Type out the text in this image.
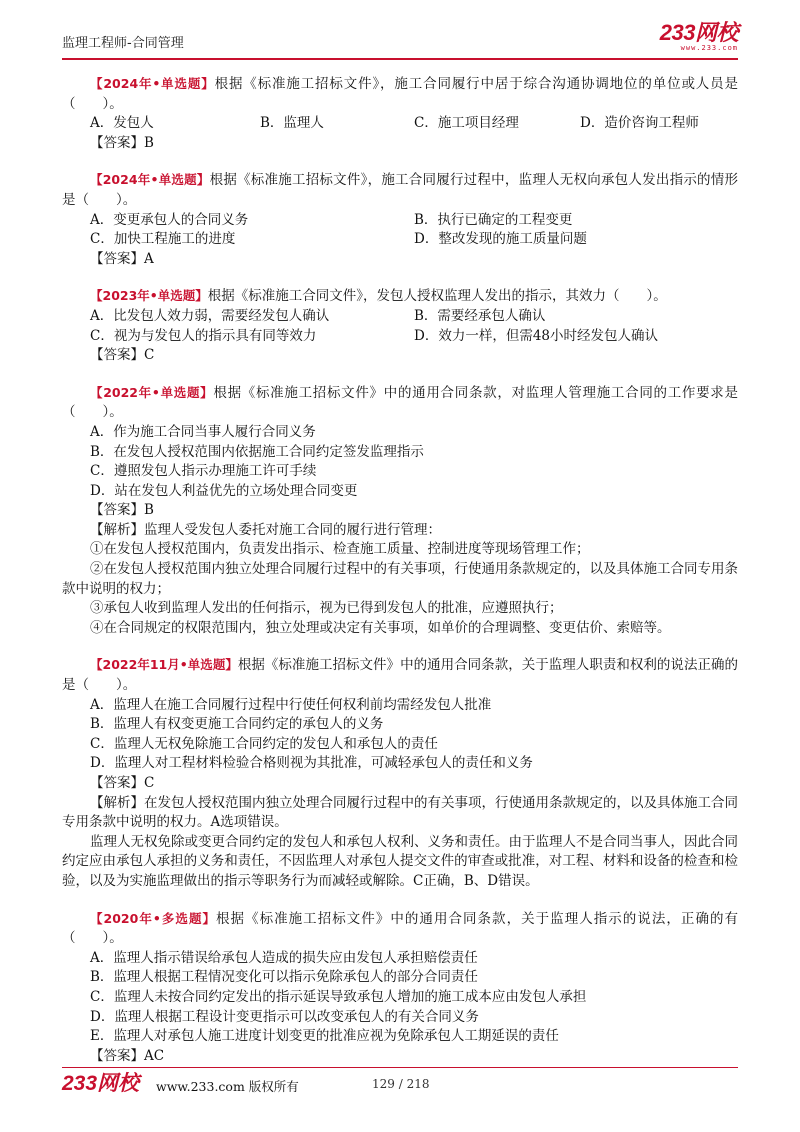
监理工程师-合同管理	233网校
www.233.com
【2024年•单选题】根据《标准施工招标文件》，施工合同履行中居于综合沟通协调地位的单位或人员是（　　）。
A．发包人	B．监理人	C．施工项目经理	D．造价咨询工程师
【答案】B
【2024年•单选题】根据《标准施工招标文件》，施工合同履行过程中，监理人无权向承包人发出指示的情形是（　　）。
A．变更承包人的合同义务	B．执行已确定的工程变更
C．加快工程施工的进度	D．整改发现的施工质量问题
【答案】A
【2023年•单选题】根据《标准施工合同文件》，发包人授权监理人发出的指示，其效力（　　）。
A．比发包人效力弱，需要经发包人确认	B．需要经承包人确认
C．视为与发包人的指示具有同等效力	D．效力一样，但需48小时经发包人确认
【答案】C
【2022年•单选题】根据《标准施工招标文件》中的通用合同条款，对监理人管理施工合同的工作要求是（　　）。
A．作为施工合同当事人履行合同义务
B．在发包人授权范围内依据施工合同约定签发监理指示
C．遵照发包人指示办理施工许可手续
D．站在发包人利益优先的立场处理合同变更
【答案】B
【解析】监理人受发包人委托对施工合同的履行进行管理：
①在发包人授权范围内，负责发出指示、检查施工质量、控制进度等现场管理工作；
②在发包人授权范围内独立处理合同履行过程中的有关事项，行使通用条款规定的，以及具体施工合同专用条款中说明的权力；
③承包人收到监理人发出的任何指示，视为已得到发包人的批准，应遵照执行；
④在合同规定的权限范围内，独立处理或决定有关事项，如单价的合理调整、变更估价、索赔等。
【2022年11月•单选题】根据《标准施工招标文件》中的通用合同条款，关于监理人职责和权利的说法正确的是（　　）。
A．监理人在施工合同履行过程中行使任何权利前均需经发包人批准
B．监理人有权变更施工合同约定的承包人的义务
C．监理人无权免除施工合同约定的发包人和承包人的责任
D．监理人对工程材料检验合格则视为其批准，可减轻承包人的责任和义务
【答案】C
【解析】在发包人授权范围内独立处理合同履行过程中的有关事项，行使通用条款规定的，以及具体施工合同专用条款中说明的权力。A选项错误。
监理人无权免除或变更合同约定的发包人和承包人权利、义务和责任。由于监理人不是合同当事人，因此合同约定应由承包人承担的义务和责任，不因监理人对承包人提交文件的审查或批准，对工程、材料和设备的检查和检验，以及为实施监理做出的指示等职务行为而减轻或解除。C正确，B、D错误。
【2020年•多选题】根据《标准施工招标文件》中的通用合同条款，关于监理人指示的说法，正确的有（　　）。
A．监理人指示错误给承包人造成的损失应由发包人承担赔偿责任
B．监理人根据工程情况变化可以指示免除承包人的部分合同责任
C．监理人未按合同约定发出的指示延误导致承包人增加的施工成本应由发包人承担
D．监理人根据工程设计变更指示可以改变承包人的有关合同义务
E．监理人对承包人施工进度计划变更的批准应视为免除承包人工期延误的责任
【答案】AC
233网校 www.233.com 版权所有	129 / 218
